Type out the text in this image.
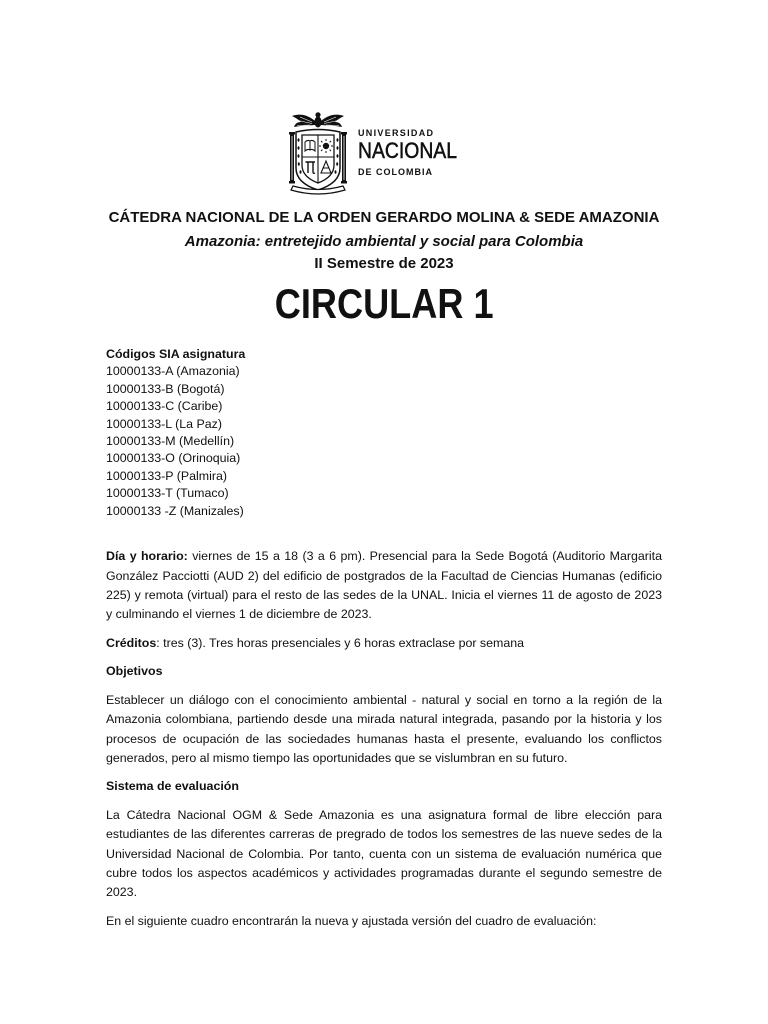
UNIVERSIDAD
NACIONAL
DE COLOMBIA
CÁTEDRA NACIONAL DE LA ORDEN GERARDO MOLINA & SEDE AMAZONIA
Amazonia: entretejido ambiental y social para Colombia
II Semestre de 2023
CIRCULAR 1
Códigos SIA asignatura
10000133-A (Amazonia)
10000133-B (Bogotá)
10000133-C (Caribe)
10000133-L (La Paz)
10000133-M (Medellín)
10000133-O (Orinoquia)
10000133-P (Palmira)
10000133-T (Tumaco)
10000133 -Z (Manizales)

Día y horario: viernes de 15 a 18 (3 a 6 pm). Presencial para la Sede Bogotá (Auditorio Margarita González Pacciotti (AUD 2) del edificio de postgrados de la Facultad de Ciencias Humanas (edificio 225) y remota (virtual) para el resto de las sedes de la UNAL. Inicia el viernes 11 de agosto de 2023 y culminando el viernes 1 de diciembre de 2023.

Créditos: tres (3). Tres horas presenciales y 6 horas extraclase por semana

Objetivos

Establecer un diálogo con el conocimiento ambiental - natural y social en torno a la región de la Amazonia colombiana, partiendo desde una mirada natural integrada, pasando por la historia y los procesos de ocupación de las sociedades humanas hasta el presente, evaluando los conflictos generados, pero al mismo tiempo las oportunidades que se vislumbran en su futuro.

Sistema de evaluación

La Cátedra Nacional OGM & Sede Amazonia es una asignatura formal de libre elección para estudiantes de las diferentes carreras de pregrado de todos los semestres de las nueve sedes de la Universidad Nacional de Colombia. Por tanto, cuenta con un sistema de evaluación numérica que cubre todos los aspectos académicos y actividades programadas durante el segundo semestre de 2023.

En el siguiente cuadro encontrarán la nueva y ajustada versión del cuadro de evaluación:
